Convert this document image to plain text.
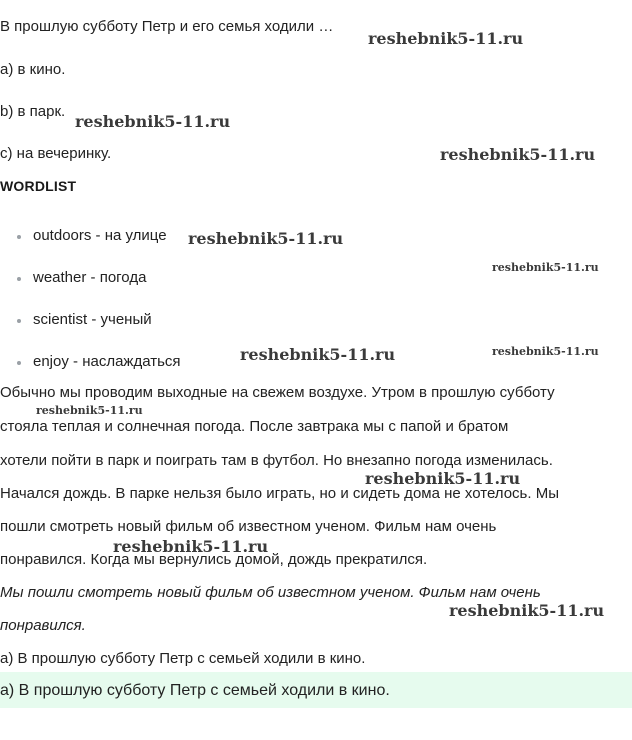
В прошлую субботу Петр и его семья ходили …
a) в кино.
b) в парк.
c) на вечеринку.
WORDLIST
outdoors - на улице
weather - погода
scientist - ученый
enjoy - наслаждаться
Обычно мы проводим выходные на свежем воздухе. Утром в прошлую субботу
стояла теплая и солнечная погода. После завтрака мы с папой и братом
хотели пойти в парк и поиграть там в футбол. Но внезапно погода изменилась.
Начался дождь. В парке нельзя было играть, но и сидеть дома не хотелось. Мы
пошли смотреть новый фильм об известном ученом. Фильм нам очень
понравился. Когда мы вернулись домой, дождь прекратился.
Мы пошли смотреть новый фильм об известном ученом. Фильм нам очень
понравился.
a) В прошлую субботу Петр с семьей ходили в кино.
a) В прошлую субботу Петр с семьей ходили в кино.
reshebnik5-11.ru
reshebnik5-11.ru
reshebnik5-11.ru
reshebnik5-11.ru
reshebnik5-11.ru
reshebnik5-11.ru
reshebnik5-11.ru
reshebnik5-11.ru
reshebnik5-11.ru
reshebnik5-11.ru
reshebnik5-11.ru
